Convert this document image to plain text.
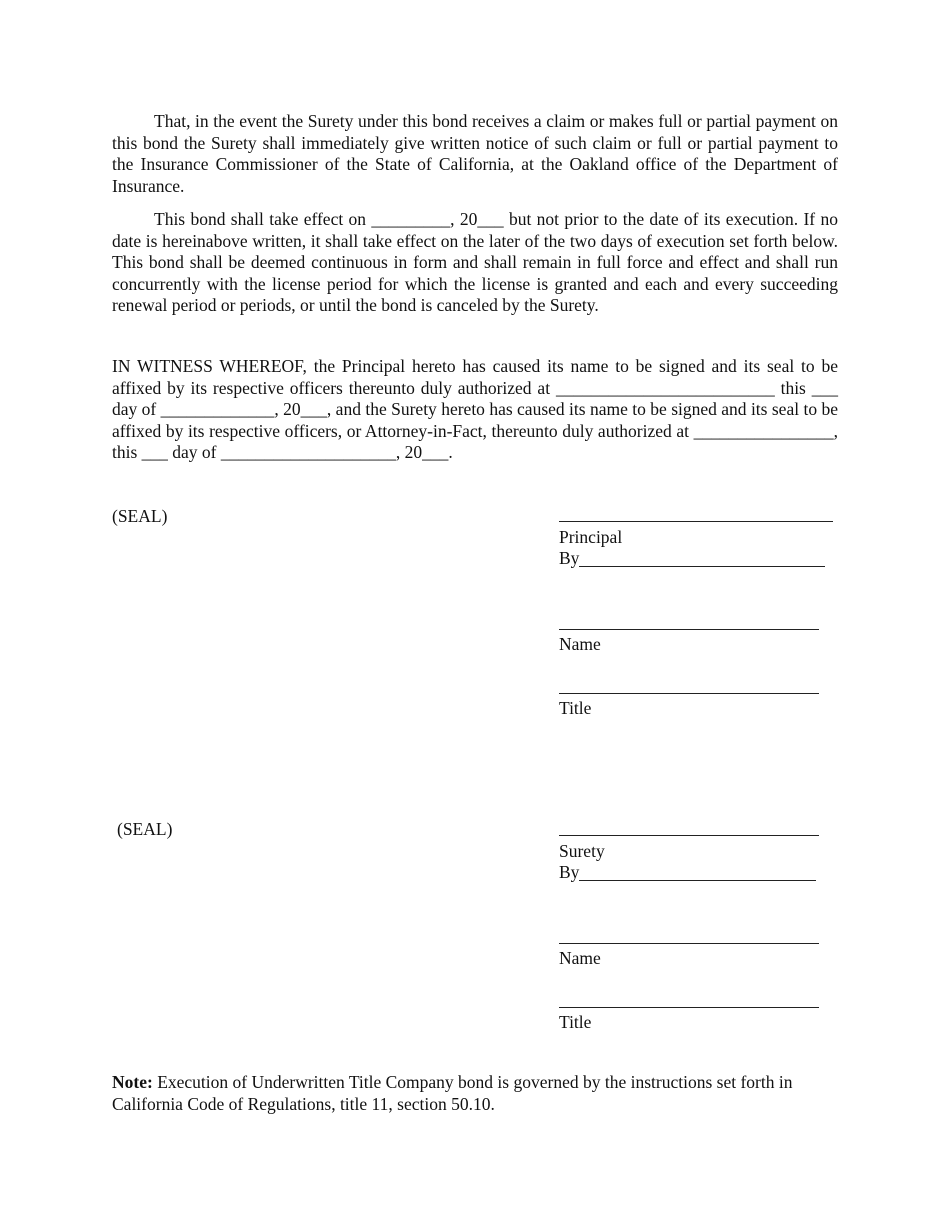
That, in the event the Surety under this bond receives a claim or makes full or partial payment on this bond the Surety shall immediately give written notice of such claim or full or partial payment to the Insurance Commissioner of the State of California, at the Oakland office of the Department of Insurance.

This bond shall take effect on _________, 20___ but not prior to the date of its execution. If no date is hereinabove written, it shall take effect on the later of the two days of execution set forth below. This bond shall be deemed continuous in form and shall remain in full force and effect and shall run concurrently with the license period for which the license is granted and each and every succeeding renewal period or periods, or until the bond is canceled by the Surety.

IN WITNESS WHEREOF, the Principal hereto has caused its name to be signed and its seal to be affixed by its respective officers thereunto duly authorized at _________________________ this ___ day of _____________, 20___, and the Surety hereto has caused its name to be signed and its seal to be affixed by its respective officers, or Attorney-in-Fact, thereunto duly authorized at ________________, this ___ day of ____________________, 20___.

(SEAL)

Principal

By

Name

Title

(SEAL)

Surety

By

Name

Title

Note: Execution of Underwritten Title Company bond is governed by the instructions set forth in California Code of Regulations, title 11, section 50.10.
